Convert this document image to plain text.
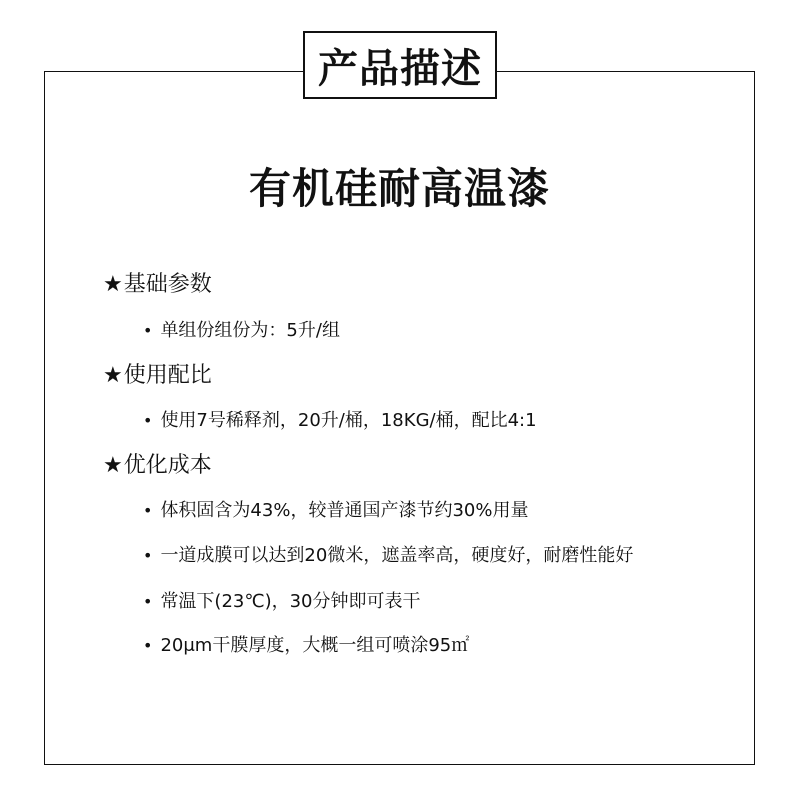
产品描述
有机硅耐高温漆
★ 基础参数
• 单组份组份为：5升/组
★ 使用配比
• 使用7号稀释剂，20升/桶，18KG/桶，配比4:1
★ 优化成本
• 体积固含为43%，较普通国产漆节约30%用量
• 一道成膜可以达到20微米，遮盖率高，硬度好，耐磨性能好
• 常温下(23℃)，30分钟即可表干
• 20μm干膜厚度，大概一组可喷涂95㎡
